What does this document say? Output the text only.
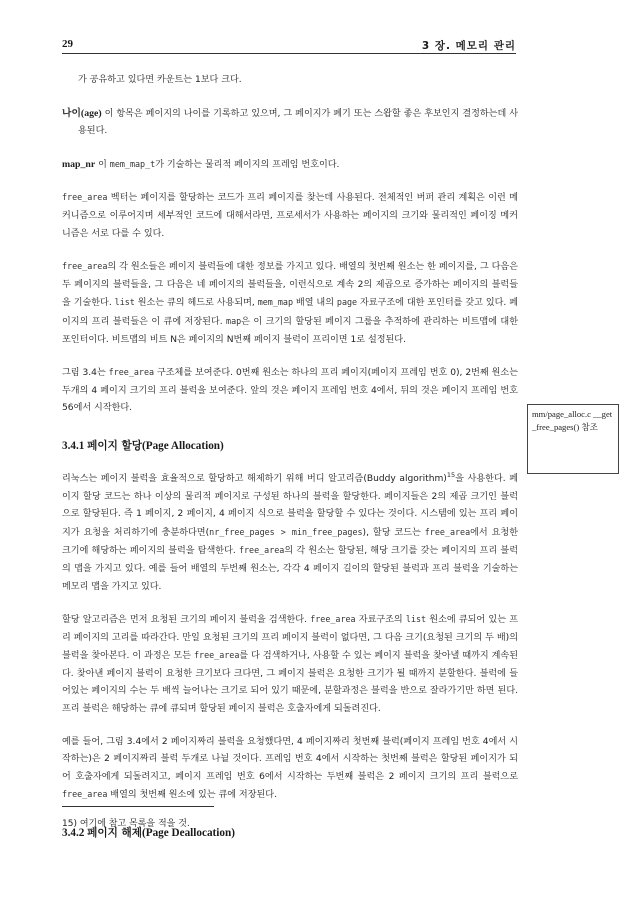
29	3 장. 메모리 관리

가 공유하고 있다면 카운트는 1보다 크다.

나이(age) 이 항목은 페이지의 나이를 기록하고 있으며, 그 페이지가 폐기 또는 스왑할 좋은 후보인지 결정하는데 사용된다.

map_nr 이 mem_map_t가 기술하는 물리적 페이지의 프레임 번호이다.

free_area 벡터는 페이지를 할당하는 코드가 프리 페이지를 찾는데 사용된다. 전체적인 버퍼 관리 계획은 이런 메커니즘으로 이루어지며 세부적인 코드에 대해서라면, 프로세서가 사용하는 페이지의 크기와 물리적인 페이징 메커니즘은 서로 다를 수 있다.

free_area의 각 원소들은 페이지 블럭들에 대한 정보를 가지고 있다. 배열의 첫번째 원소는 한 페이지를, 그 다음은 두 페이지의 블럭들을, 그 다음은 네 페이지의 블럭들을, 이런식으로 계속 2의 제곱으로 증가하는 페이지의 블럭들을 기술한다. list 원소는 큐의 헤드로 사용되며, mem_map 배열 내의 page 자료구조에 대한 포인터를 갖고 있다. 페이지의 프리 블럭들은 이 큐에 저장된다. map은 이 크기의 할당된 페이지 그룹을 추적하에 관리하는 비트맵에 대한 포인터이다. 비트맵의 비트 N은 페이지의 N번째 페이지 블럭이 프리이면 1로 설정된다.

그림 3.4는 free_area 구조체를 보여준다. 0번째 원소는 하나의 프리 페이지(페이지 프레임 번호 0), 2번째 원소는 두개의 4 페이지 크기의 프리 블럭을 보여준다. 앞의 것은 페이지 프레임 번호 4에서, 뒤의 것은 페이지 프레임 번호 56에서 시작한다.

3.4.1 페이지 할당(Page Allocation)

리눅스는 페이지 블럭을 효율적으로 할당하고 해제하기 위해 버디 알고리즘(Buddy algorithm)$^{15}$을 사용한다. 페이지 할당 코드는 하나 이상의 물리적 페이지로 구성된 하나의 블럭을 할당한다. 페이지들은 2의 제곱 크기인 블럭으로 할당된다. 즉 1 페이지, 2 페이지, 4 페이지 식으로 블럭을 할당할 수 있다는 것이다. 시스템에 있는 프리 페이지가 요청을 처리하기에 충분하다면(nr_free_pages > min_free_pages), 할당 코드는 free_area에서 요청한 크기에 해당하는 페이지의 블럭을 탐색한다. free_area의 각 원소는 할당된, 해당 크기를 갖는 페이지의 프리 블럭의 맵을 가지고 있다. 예를 들어 배열의 두번째 원소는, 각각 4 페이지 길이의 할당된 블럭과 프리 블럭을 기술하는 메모리 맵을 가지고 있다.

할당 알고리즘은 먼저 요청된 크기의 페이지 블럭을 검색한다. free_area 자료구조의 list 원소에 큐되어 있는 프리 페이지의 고리를 따라간다. 만일 요청된 크기의 프리 페이지 블럭이 없다면, 그 다음 크기(요청된 크기의 두 배)의 블럭을 찾아본다. 이 과정은 모든 free_area를 다 검색하거나, 사용할 수 있는 페이지 블럭을 찾아낼 때까지 계속된다. 찾아낸 페이지 블럭이 요청한 크기보다 크다면, 그 페이지 블럭은 요청한 크기가 될 때까지 분할한다. 블럭에 들어있는 페이지의 수는 두 배씩 늘어나는 크기로 되어 있기 때문에, 분할과정은 블럭을 반으로 잘라가기만 하면 된다. 프리 블럭은 해당하는 큐에 큐되며 할당된 페이지 블럭은 호출자에게 되돌려진다.

예를 들어, 그림 3.4에서 2 페이지짜리 블럭을 요청했다면, 4 페이지짜리 첫번째 블럭(페이지 프레임 번호 4에서 시작하는)은 2 페이지짜리 블럭 두개로 나뉠 것이다. 프레임 번호 4에서 시작하는 첫번째 블럭은 할당된 페이지가 되어 호출자에게 되돌려지고, 페이지 프레임 번호 6에서 시작하는 두번째 블럭은 2 페이지 크기의 프리 블럭으로 free_area 배열의 첫번째 원소에 있는 큐에 저장된다.

3.4.2 페이지 해제(Page Deallocation)
mm/page_alloc.c __get_free_pages() 참조
15) 여기에 참고 목록을 적을 것.
